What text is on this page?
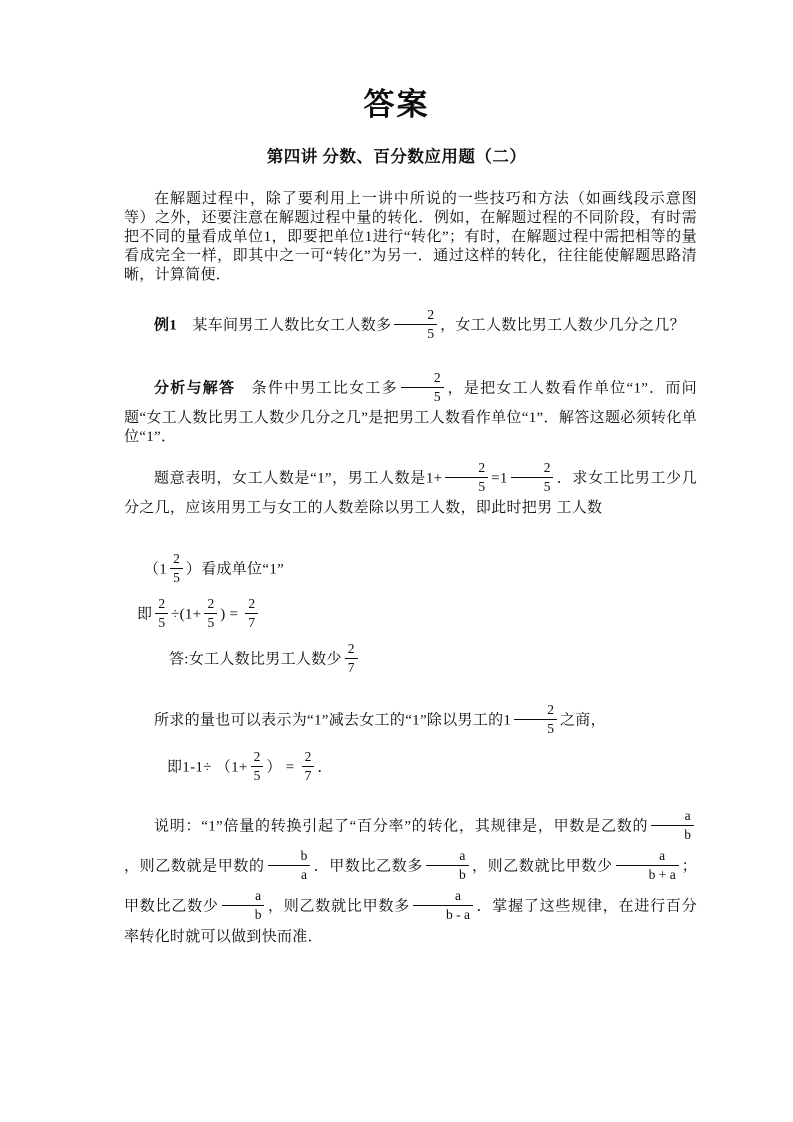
答案
第四讲 分数、百分数应用题（二）

在解题过程中，除了要利用上一讲中所说的一些技巧和方法（如画线段示意图等）之外，还要注意在解题过程中量的转化．例如，在解题过程的不同阶段，有时需把不同的量看成单位1，即要把单位1进行“转化”；有时，在解题过程中需把相等的量看成完全一样，即其中之一可“转化”为另一．通过这样的转化，往往能使解题思路清晰，计算简便．

例1　某车间男工人数比女工人数多 $\frac{2}{5}$ ，女工人数比男工人数少几分之几？

分析与解答　条件中男工比女工多 $\frac{2}{5}$ ，是把女工人数看作单位“1”．而问题“女工人数比男工人数少几分之几”是把男工人数看作单位“1”．解答这题必须转化单位“1”．

题意表明，女工人数是“1”，男工人数是$1+ \frac{2}{5} =1 \frac{2}{5}$ ．求女工比男工少几分之几，应该用男工与女工的人数差除以男工人数，即此时把男 工人数

（$1 \frac{2}{5}$ ）看成单位“1”

即 $\frac{2}{5} \div(1+ \frac{2}{5}$ ) = $\frac{2}{7}$

答:女工人数比男工人数少 $\frac{2}{7}$

所求的量也可以表示为“1”减去女工的“1”除以男工的$1 \frac{2}{5}$ 之商，

即$1-1\div (1+ \frac{2}{5}$ ） = $\frac{2}{7}$ ．

说明：“1”倍量的转换引起了“百分率”的转化，其规律是，甲数是乙数的 $\frac{a}{b}$
，则乙数就是甲数的 $\frac{b}{a}$ ．甲数比乙数多 $\frac{a}{b}$ ，则乙数就比甲数少 $\frac{a}{b + a}$ ；甲数比乙数少 $\frac{a}{b}$ ，则乙数就比甲数多 $\frac{a}{b - a}$ ．掌握了这些规律，在进行百分率转化时就可以做到快而准．
